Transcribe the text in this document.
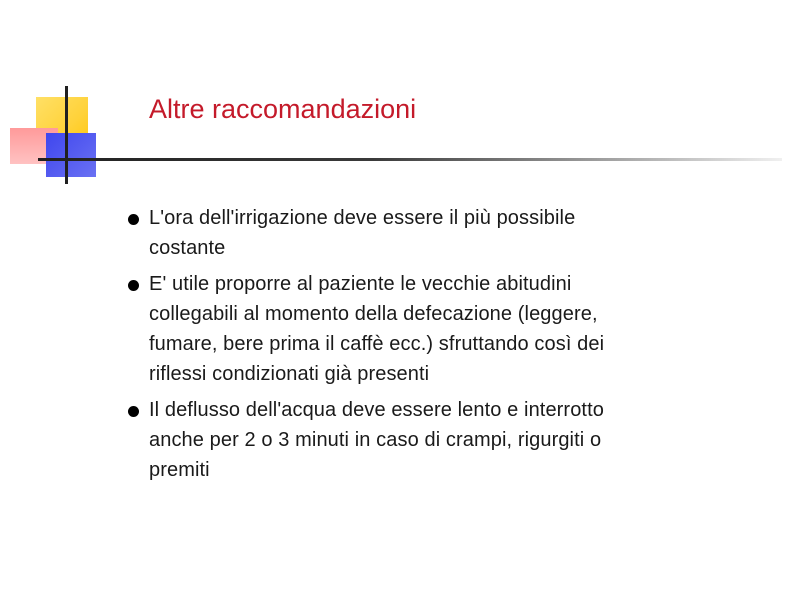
Altre raccomandazioni
L'ora dell'irrigazione deve essere il più possibile
costante
E' utile proporre al paziente le vecchie abitudini
collegabili al momento della defecazione (leggere,
fumare, bere prima il caffè ecc.) sfruttando così dei
riflessi condizionati già presenti
Il deflusso dell'acqua deve essere lento e interrotto
anche per 2 o 3 minuti in caso di crampi, rigurgiti o
premiti
